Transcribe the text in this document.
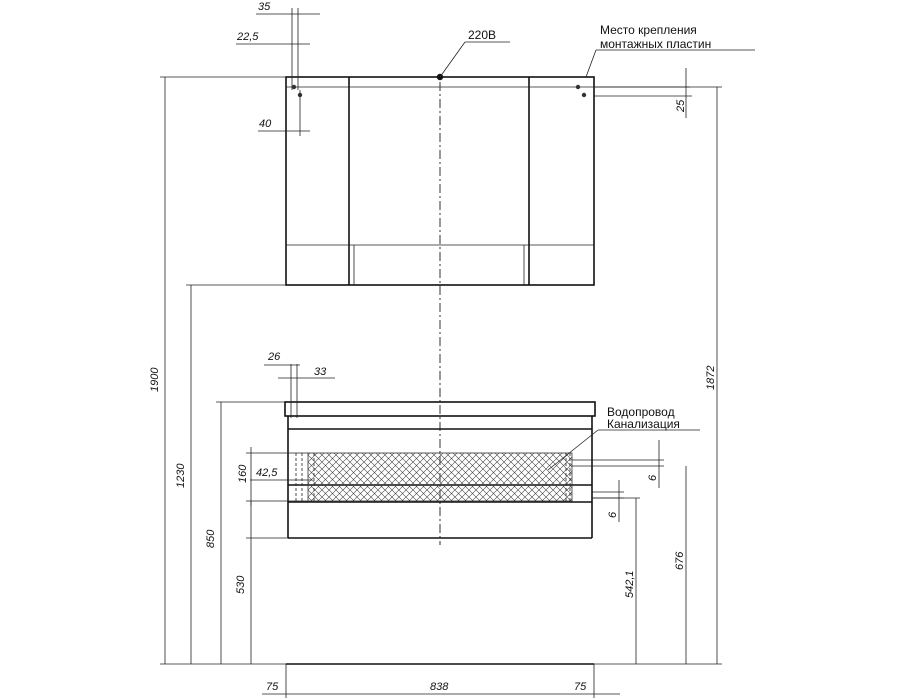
220В	Место крепления
монтажных пластин
35
22,5
40
25
Водопровод
Канализация
26
33
42,5
160	6
6
1900
1230
850
530	542,1
676
1872
75	838	75
